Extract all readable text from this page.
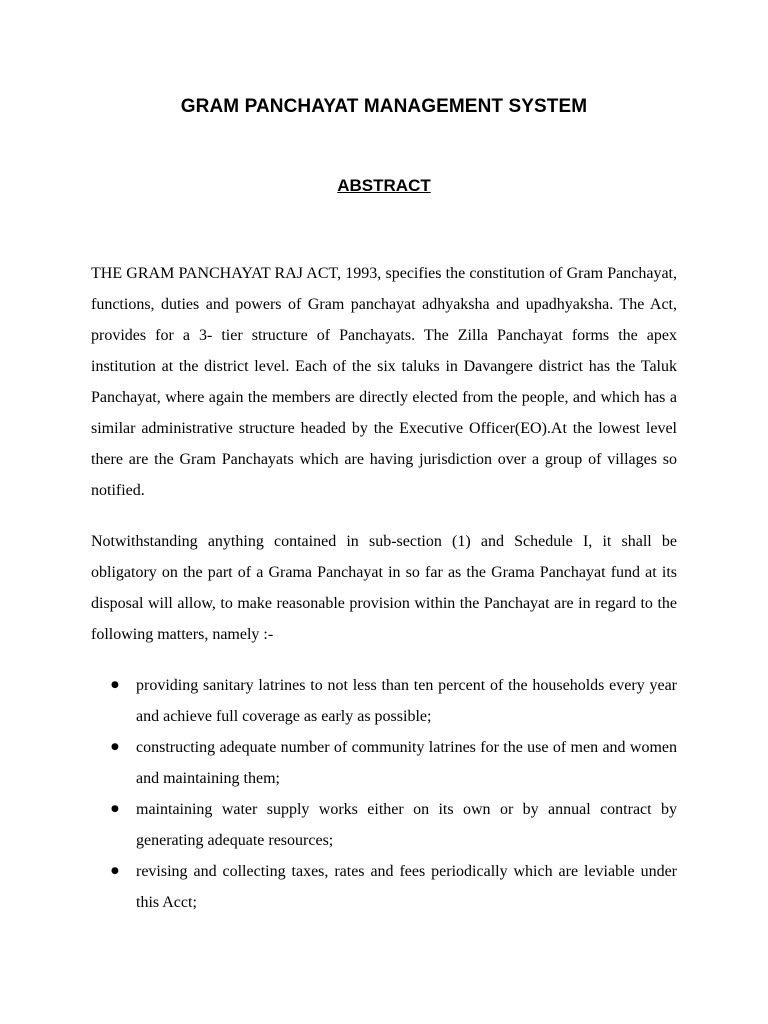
GRAM PANCHAYAT MANAGEMENT SYSTEM
ABSTRACT

THE GRAM PANCHAYAT RAJ ACT, 1993, specifies the constitution of Gram Panchayat, functions, duties and powers of Gram panchayat adhyaksha and upadhyaksha. The Act, provides for a 3- tier structure of Panchayats. The Zilla Panchayat forms the apex institution at the district level. Each of the six taluks in Davangere district has the Taluk Panchayat, where again the members are directly elected from the people, and which has a similar administrative structure headed by the Executive Officer(EO).At the lowest level there are the Gram Panchayats which are having jurisdiction over a group of villages so notified.

Notwithstanding anything contained in sub-section (1) and Schedule I, it shall be obligatory on the part of a Grama Panchayat in so far as the Grama Panchayat fund at its disposal will allow, to make reasonable provision within the Panchayat are in regard to the following matters, namely :-

● providing sanitary latrines to not less than ten percent of the households every year and achieve full coverage as early as possible;
● constructing adequate number of community latrines for the use of men and women and maintaining them;
● maintaining water supply works either on its own or by annual contract by generating adequate resources;
● revising and collecting taxes, rates and fees periodically which are leviable under this Acct;
